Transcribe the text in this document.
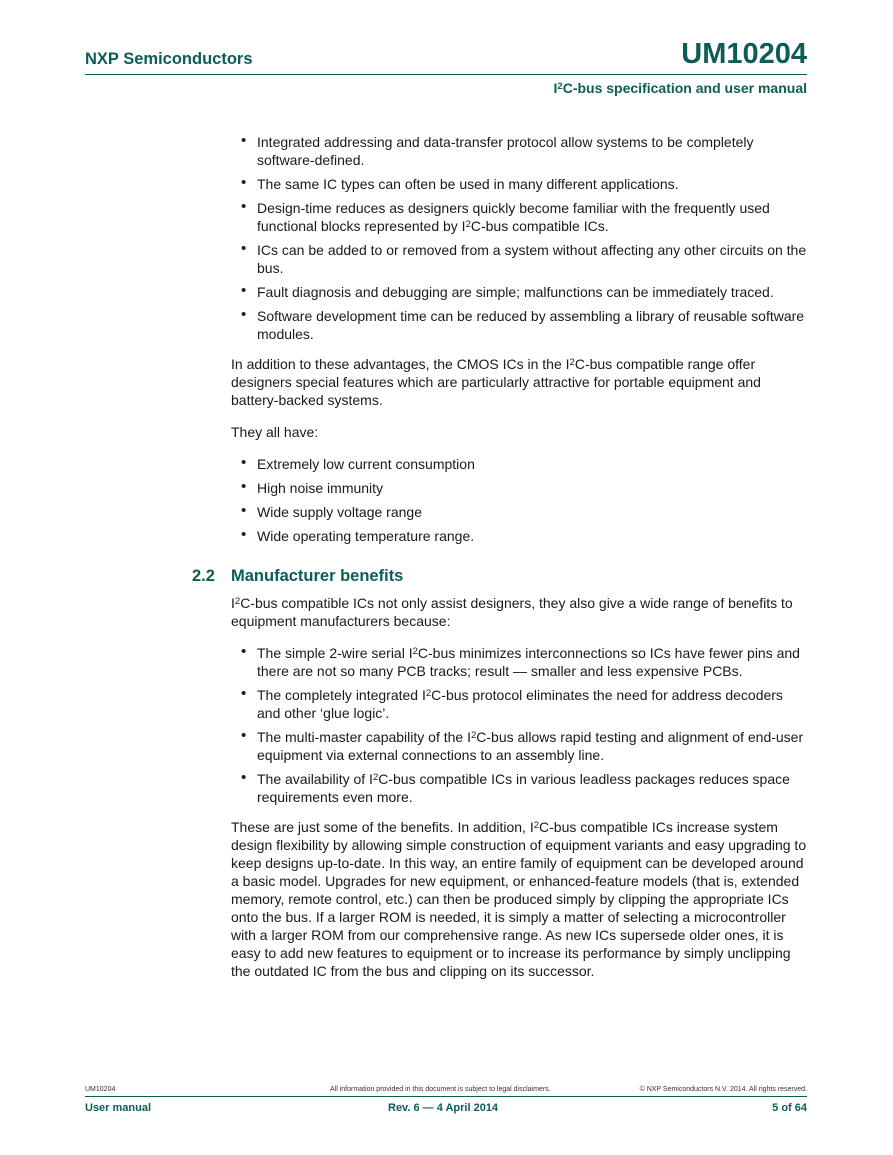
NXP Semiconductors	UM10204
$I^2C$-bus specification and user manual
• Integrated addressing and data-transfer protocol allow systems to be completely software-defined.
• The same IC types can often be used in many different applications.
• Design-time reduces as designers quickly become familiar with the frequently used functional blocks represented by $I^2C$-bus compatible ICs.
• ICs can be added to or removed from a system without affecting any other circuits on the bus.
• Fault diagnosis and debugging are simple; malfunctions can be immediately traced.
• Software development time can be reduced by assembling a library of reusable software modules.

In addition to these advantages, the CMOS ICs in the $I^2C$-bus compatible range offer designers special features which are particularly attractive for portable equipment and battery-backed systems.

They all have:

• Extremely low current consumption
• High noise immunity
• Wide supply voltage range
• Wide operating temperature range.
2.2 Manufacturer benefits

$I^2C$-bus compatible ICs not only assist designers, they also give a wide range of benefits to equipment manufacturers because:

• The simple 2-wire serial $I^2C$-bus minimizes interconnections so ICs have fewer pins and there are not so many PCB tracks; result — smaller and less expensive PCBs.
• The completely integrated $I^2C$-bus protocol eliminates the need for address decoders and other ‘glue logic’.
• The multi-master capability of the $I^2C$-bus allows rapid testing and alignment of end-user equipment via external connections to an assembly line.
• The availability of $I^2C$-bus compatible ICs in various leadless packages reduces space requirements even more.

These are just some of the benefits. In addition, $I^2C$-bus compatible ICs increase system design flexibility by allowing simple construction of equipment variants and easy upgrading to keep designs up-to-date. In this way, an entire family of equipment can be developed around a basic model. Upgrades for new equipment, or enhanced-feature models (that is, extended memory, remote control, etc.) can then be produced simply by clipping the appropriate ICs onto the bus. If a larger ROM is needed, it is simply a matter of selecting a microcontroller with a larger ROM from our comprehensive range. As new ICs supersede older ones, it is easy to add new features to equipment or to increase its performance by simply unclipping the outdated IC from the bus and clipping on its successor.

UM10204	All information provided in this document is subject to legal disclaimers.	© NXP Semiconductors N.V. 2014. All rights reserved.
User manual	Rev. 6 — 4 April 2014	5 of 64
